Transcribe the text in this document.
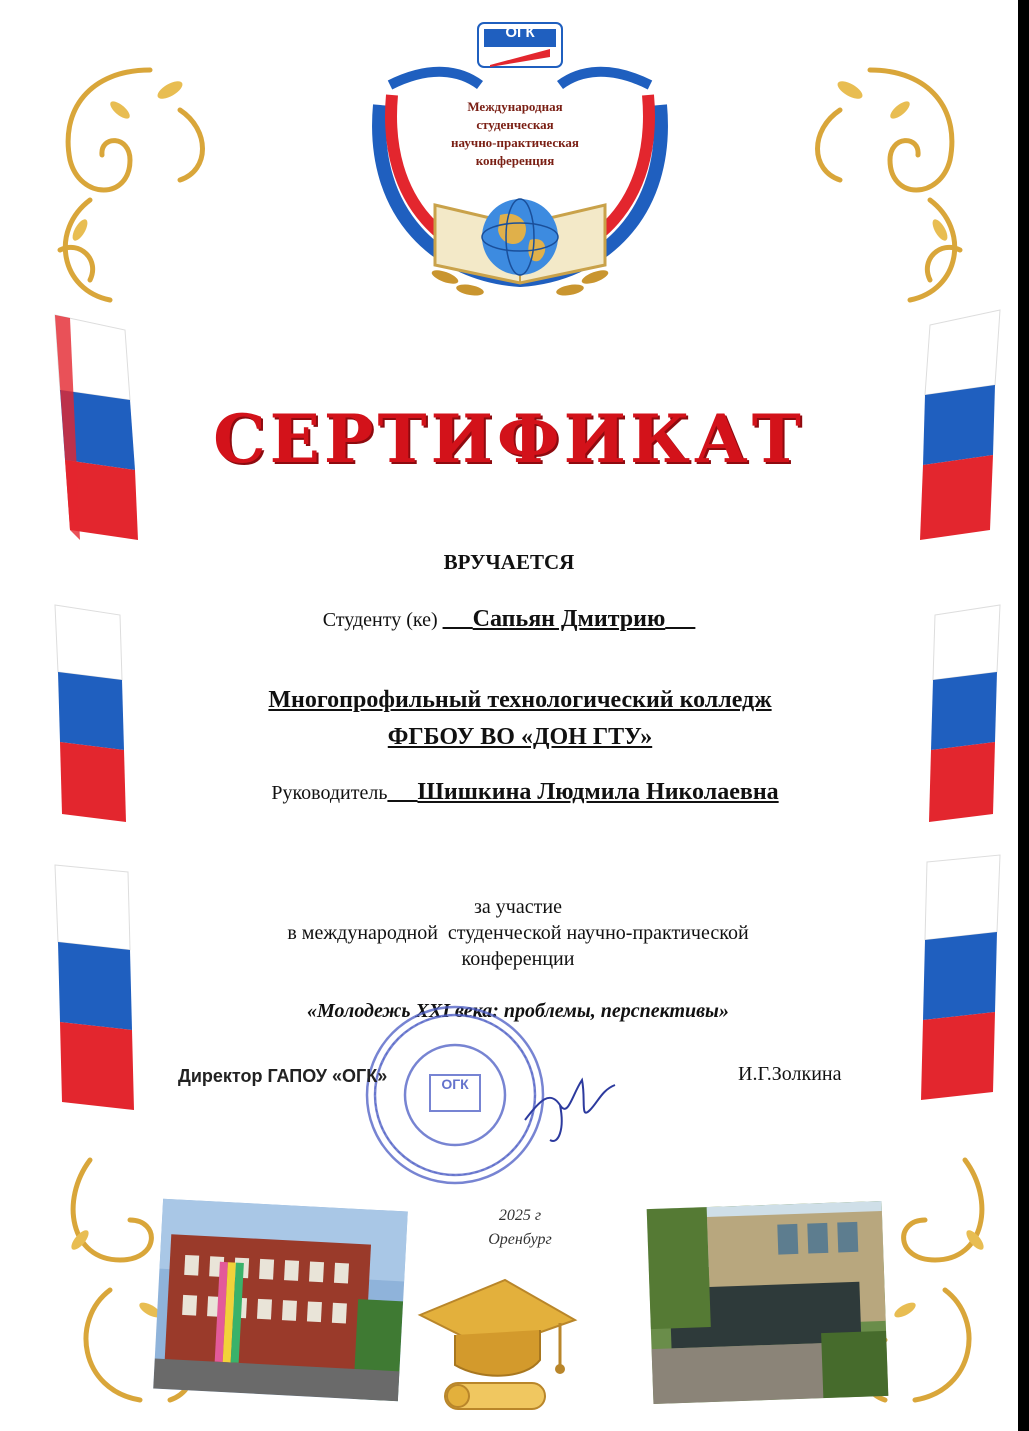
ОГК
Международная
студенческая
научно-практическая
конференция
СЕРТИФИКАТ
ВРУЧАЕТСЯ
Студенту (ке) ___Сапьян Дмитрию___
Многопрофильный технологический колледж
ФГБОУ ВО «ДОН ГТУ»
Руководитель___Шишкина Людмила Николаевна
за участие
в международной  студенческой научно-практической
конференции
«Молодежь XXI века: проблемы, перспективы»
ОГК
Директор ГАПОУ «ОГК»	И.Г.Золкина
2025 г
Оренбург
